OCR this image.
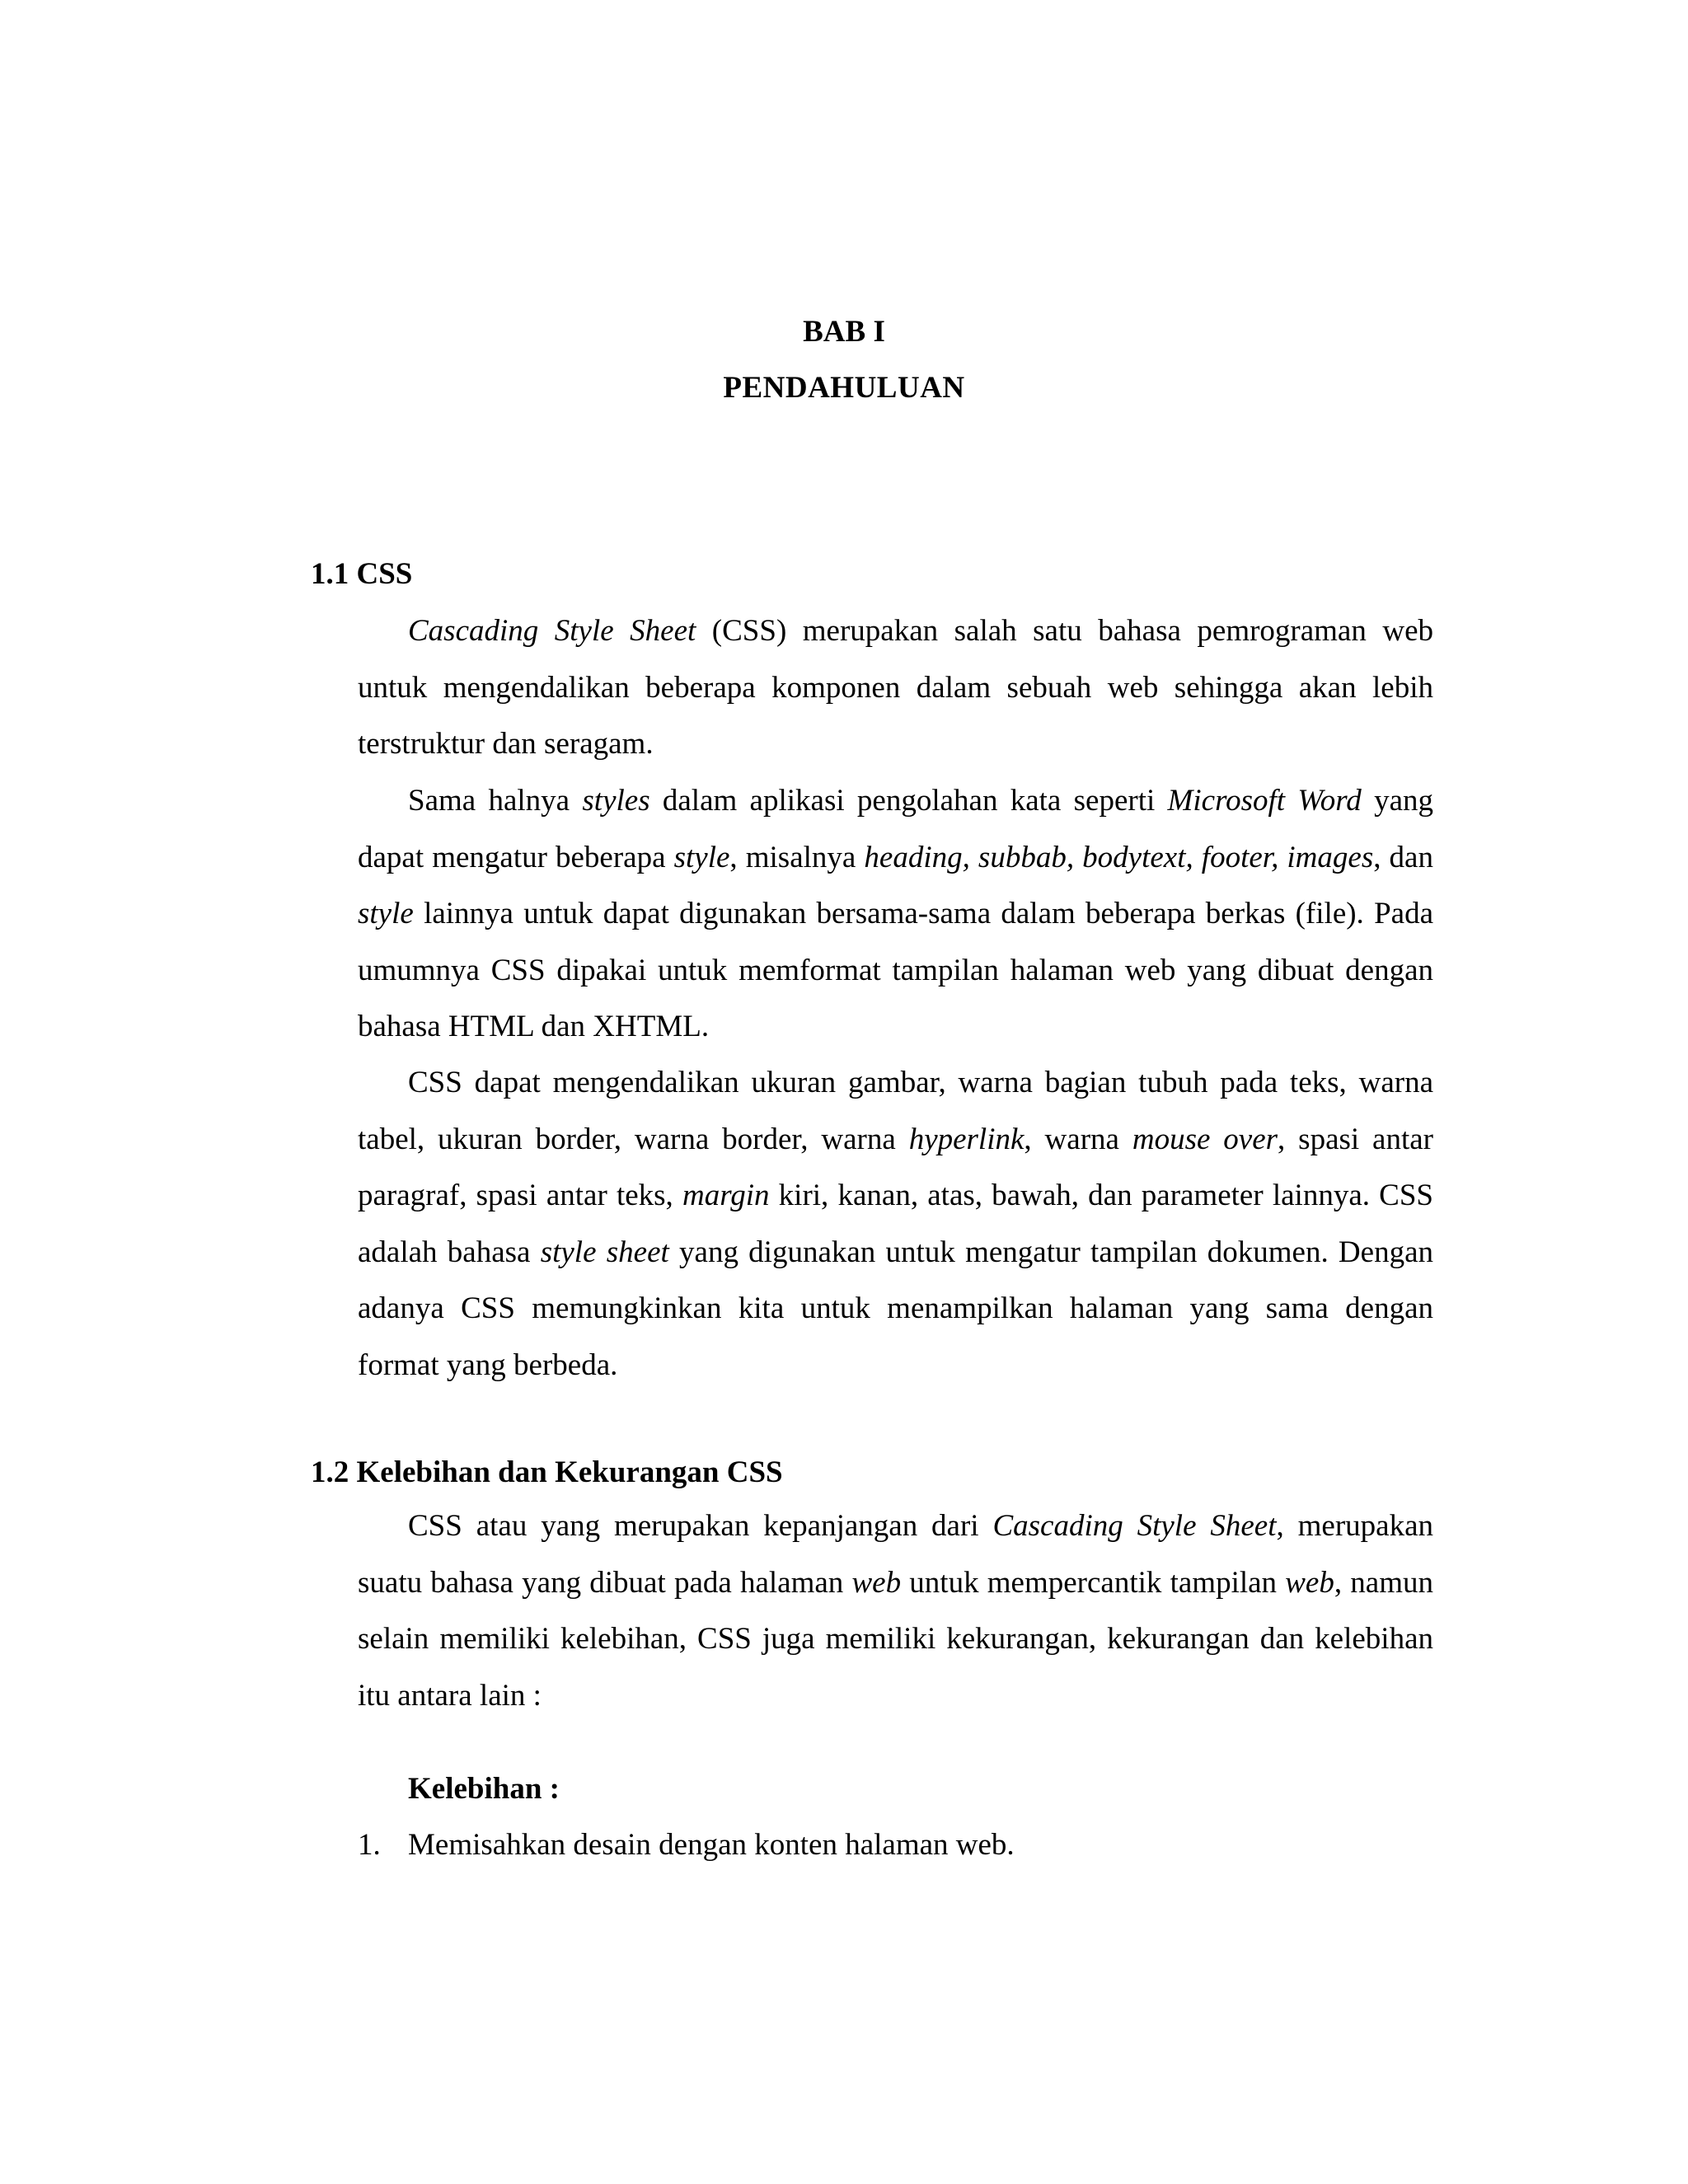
BAB I
PENDAHULUAN
1.1 CSS

Cascading Style Sheet (CSS) merupakan salah satu bahasa pemrograman web untuk mengendalikan beberapa komponen dalam sebuah web sehingga akan lebih terstruktur dan seragam.

Sama halnya styles dalam aplikasi pengolahan kata seperti Microsoft Word yang dapat mengatur beberapa style, misalnya heading, subbab, bodytext, footer, images, dan style lainnya untuk dapat digunakan bersama-sama dalam beberapa berkas (file). Pada umumnya CSS dipakai untuk memformat tampilan halaman web yang dibuat dengan bahasa HTML dan XHTML.

CSS dapat mengendalikan ukuran gambar, warna bagian tubuh pada teks, warna tabel, ukuran border, warna border, warna hyperlink, warna mouse over, spasi antar paragraf, spasi antar teks, margin kiri, kanan, atas, bawah, dan parameter lainnya. CSS adalah bahasa style sheet yang digunakan untuk mengatur tampilan dokumen. Dengan adanya CSS memungkinkan kita untuk menampilkan halaman yang sama dengan format yang berbeda.

1.2 Kelebihan dan Kekurangan CSS

CSS atau yang merupakan kepanjangan dari Cascading Style Sheet, merupakan suatu bahasa yang dibuat pada halaman web untuk mempercantik tampilan web, namun selain memiliki kelebihan, CSS juga memiliki kekurangan, kekurangan dan kelebihan itu antara lain :

Kelebihan :

1. Memisahkan desain dengan konten halaman web.
